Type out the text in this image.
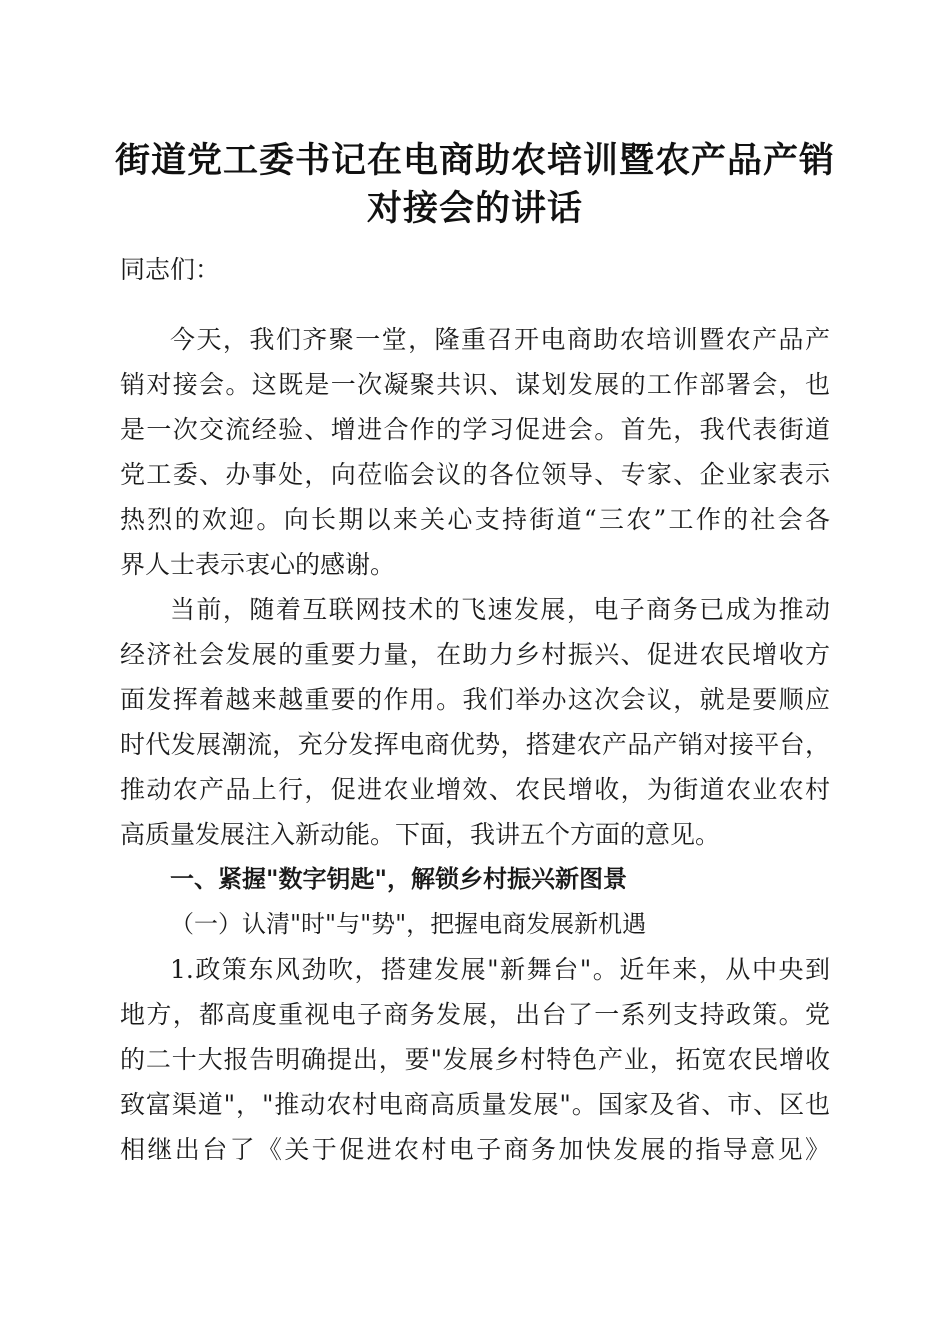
街道党工委书记在电商助农培训暨农产品产销
对接会的讲话
同志们：
今天，我们齐聚一堂，隆重召开电商助农培训暨农产品产
销对接会。这既是一次凝聚共识、谋划发展的工作部署会，也
是一次交流经验、增进合作的学习促进会。首先，我代表街道
党工委、办事处，向莅临会议的各位领导、专家、企业家表示
热烈的欢迎。向长期以来关心支持街道“三农”工作的社会各
界人士表示衷心的感谢。
当前，随着互联网技术的飞速发展，电子商务已成为推动
经济社会发展的重要力量，在助力乡村振兴、促进农民增收方
面发挥着越来越重要的作用。我们举办这次会议，就是要顺应
时代发展潮流，充分发挥电商优势，搭建农产品产销对接平台，
推动农产品上行，促进农业增效、农民增收，为街道农业农村
高质量发展注入新动能。下面，我讲五个方面的意见。
一、紧握"数字钥匙"，解锁乡村振兴新图景
（一）认清"时"与"势"，把握电商发展新机遇
1.政策东风劲吹，搭建发展"新舞台"。近年来，从中央到
地方，都高度重视电子商务发展，出台了一系列支持政策。党
的二十大报告明确提出，要"发展乡村特色产业，拓宽农民增收
致富渠道"，"推动农村电商高质量发展"。国家及省、市、区也
相继出台了《关于促进农村电子商务加快发展的指导意见》
